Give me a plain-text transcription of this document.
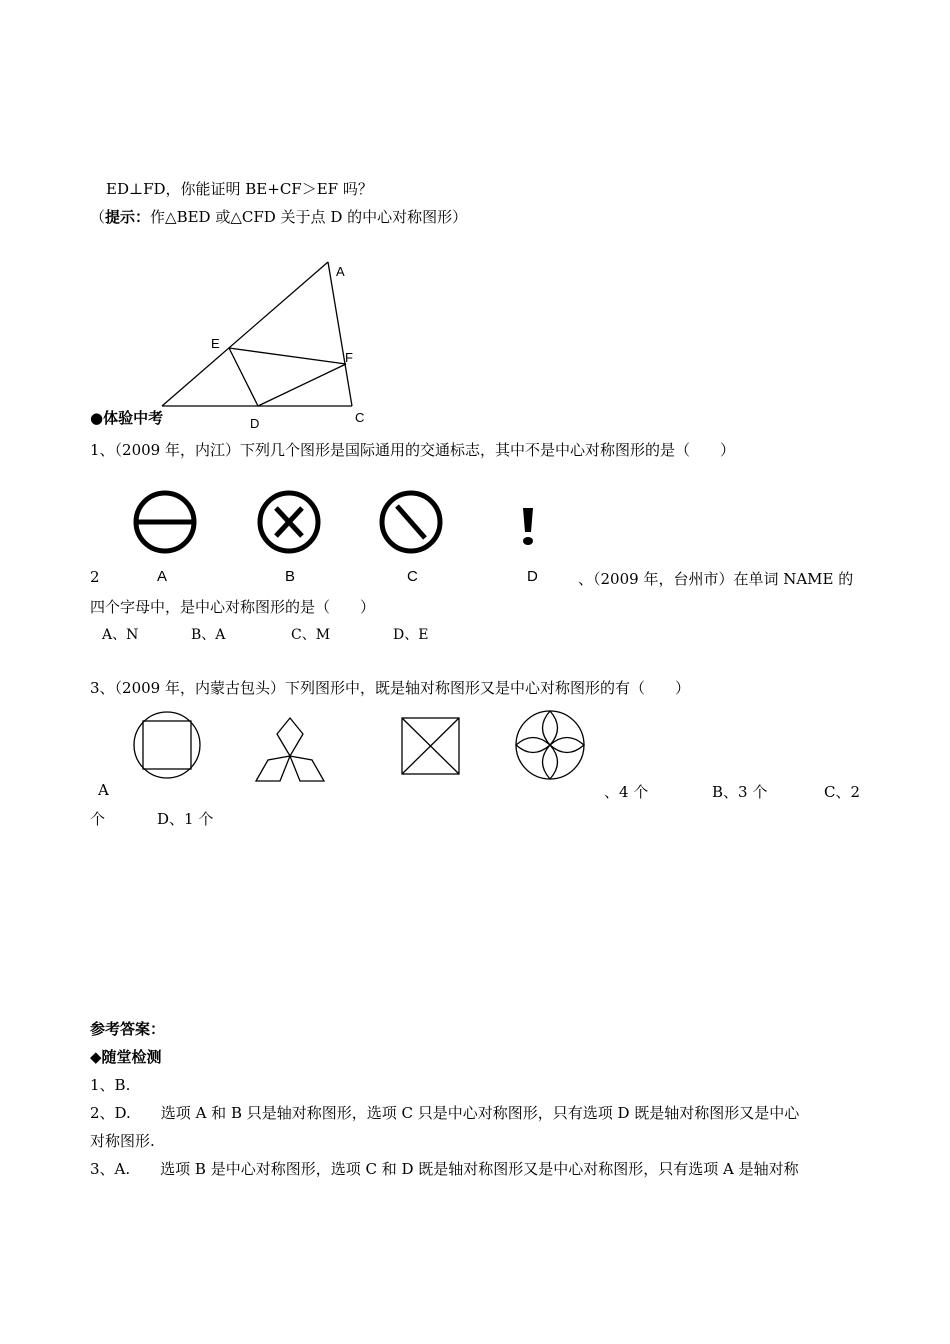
ED⊥FD，你能证明 BE+CF＞EF 吗？
（提示：作△BED 或△CFD 关于点 D 的中心对称图形）
A
E
F
D	C
●体验中考
1、（2009 年，内江）下列几个图形是国际通用的交通标志，其中不是中心对称图形的是（　　）
2	A	B	C	D	、（2009 年，台州市）在单词 NAME 的
四个字母中，是中心对称图形的是（　　）
A、N	B、A	C、M	D、E
3、（2009 年，内蒙古包头）下列图形中，既是轴对称图形又是中心对称图形的有（　　）
A	、4 个	B、3 个	C、2
个	D、1 个
参考答案：
◆随堂检测
1、B.
2、D.　　选项 A 和 B 只是轴对称图形，选项 C 只是中心对称图形，只有选项 D 既是轴对称图形又是中心
对称图形.
3、A.　　选项 B 是中心对称图形，选项 C 和 D 既是轴对称图形又是中心对称图形，只有选项 A 是轴对称
